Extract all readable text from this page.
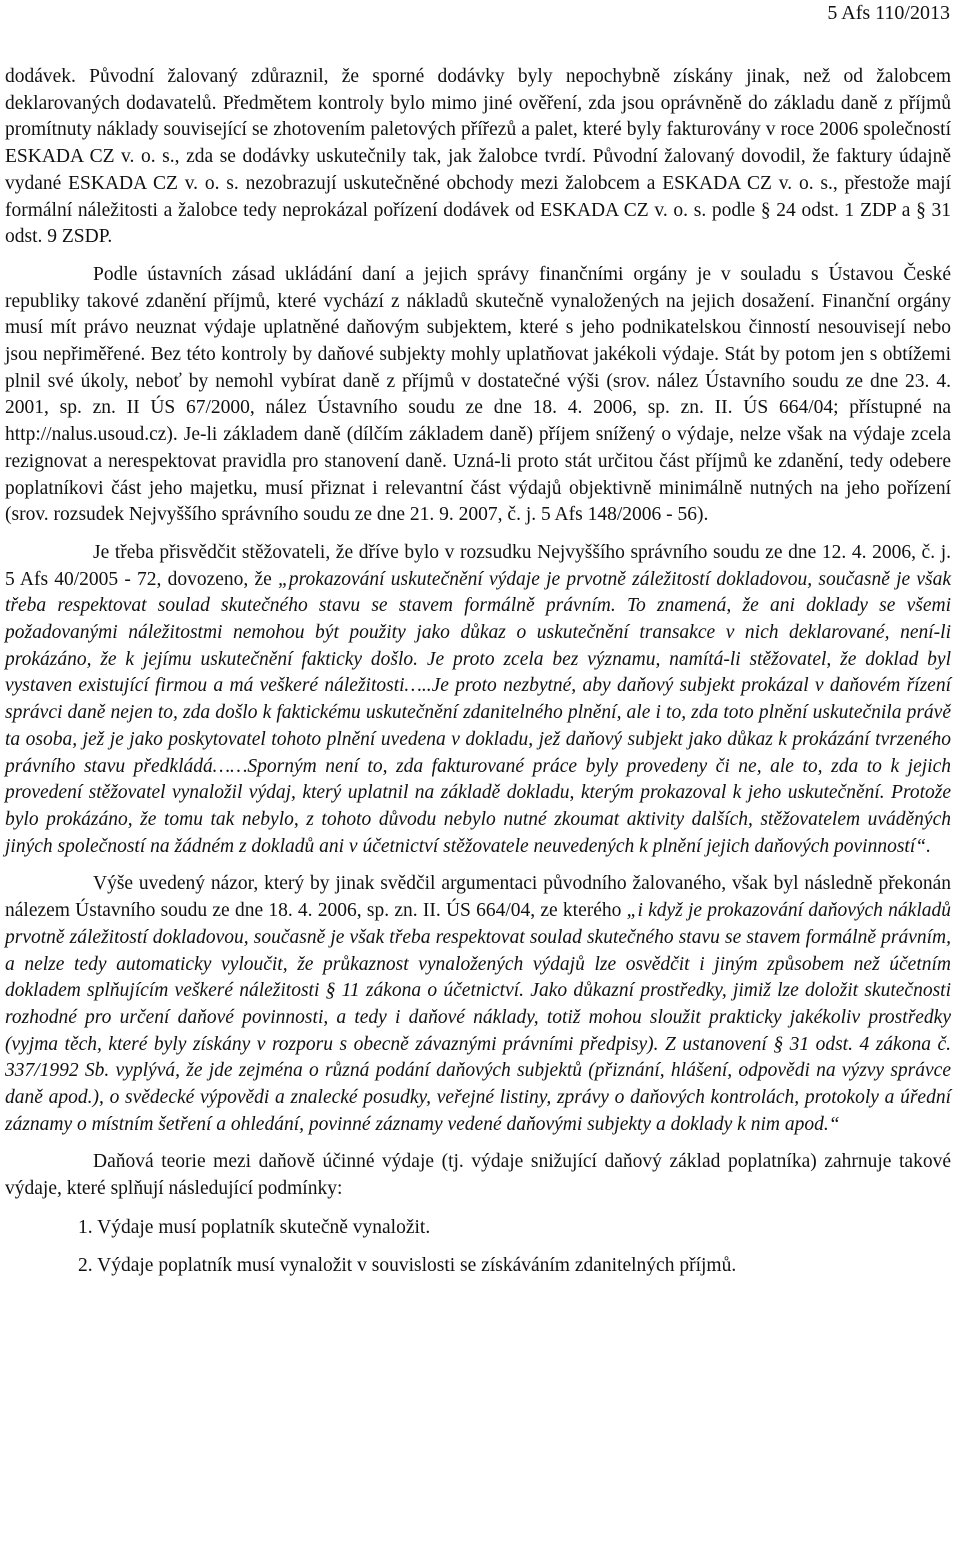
5 Afs 110/2013

dodávek. Původní žalovaný zdůraznil, že sporné dodávky byly nepochybně získány jinak, než od žalobcem deklarovaných dodavatelů. Předmětem kontroly bylo mimo jiné ověření, zda jsou oprávněně do základu daně z příjmů promítnuty náklady související se zhotovením paletových přířezů a palet, které byly fakturovány v roce 2006 společností ESKADA CZ v. o. s., zda se dodávky uskutečnily tak, jak žalobce tvrdí. Původní žalovaný dovodil, že faktury údajně vydané ESKADA CZ v. o. s. nezobrazují uskutečněné obchody mezi žalobcem a ESKADA CZ v. o. s., přestože mají formální náležitosti a žalobce tedy neprokázal pořízení dodávek od ESKADA CZ v. o. s. podle § 24 odst. 1 ZDP a § 31 odst. 9 ZSDP.

Podle ústavních zásad ukládání daní a jejich správy finančními orgány je v souladu s Ústavou České republiky takové zdanění příjmů, které vychází z nákladů skutečně vynaložených na jejich dosažení. Finanční orgány musí mít právo neuznat výdaje uplatněné daňovým subjektem, které s jeho podnikatelskou činností nesouvisejí nebo jsou nepřiměřené. Bez této kontroly by daňové subjekty mohly uplatňovat jakékoli výdaje. Stát by potom jen s obtížemi plnil své úkoly, neboť by nemohl vybírat daně z příjmů v dostatečné výši (srov. nález Ústavního soudu ze dne 23. 4. 2001, sp. zn. II ÚS 67/2000, nález Ústavního soudu ze dne 18. 4. 2006, sp. zn. II. ÚS 664/04; přístupné na http://nalus.usoud.cz). Je-li základem daně (dílčím základem daně) příjem snížený o výdaje, nelze však na výdaje zcela rezignovat a nerespektovat pravidla pro stanovení daně. Uzná-li proto stát určitou část příjmů ke zdanění, tedy odebere poplatníkovi část jeho majetku, musí přiznat i relevantní část výdajů objektivně minimálně nutných na jeho pořízení (srov. rozsudek Nejvyššího správního soudu ze dne 21. 9. 2007, č. j. 5 Afs 148/2006 - 56).

Je třeba přisvědčit stěžovateli, že dříve bylo v rozsudku Nejvyššího správního soudu ze dne 12. 4. 2006, č. j. 5 Afs 40/2005 - 72, dovozeno, že „prokazování uskutečnění výdaje je prvotně záležitostí dokladovou, současně je však třeba respektovat soulad skutečného stavu se stavem formálně právním. To znamená, že ani doklady se všemi požadovanými náležitostmi nemohou být použity jako důkaz o uskutečnění transakce v nich deklarované, není-li prokázáno, že k jejímu uskutečnění fakticky došlo. Je proto zcela bez významu, namítá-li stěžovatel, že doklad byl vystaven existující firmou a má veškeré náležitosti…..Je proto nezbytné, aby daňový subjekt prokázal v daňovém řízení správci daně nejen to, zda došlo k faktickému uskutečnění zdanitelného plnění, ale i to, zda toto plnění uskutečnila právě ta osoba, jež je jako poskytovatel tohoto plnění uvedena v dokladu, jež daňový subjekt jako důkaz k prokázání tvrzeného právního stavu předkládá……Sporným není to, zda fakturované práce byly provedeny či ne, ale to, zda to k jejich provedení stěžovatel vynaložil výdaj, který uplatnil na základě dokladu, kterým prokazoval k jeho uskutečnění. Protože bylo prokázáno, že tomu tak nebylo, z tohoto důvodu nebylo nutné zkoumat aktivity dalších, stěžovatelem uváděných jiných společností na žádném z dokladů ani v účetnictví stěžovatele neuvedených k plnění jejich daňových povinností“.

Výše uvedený názor, který by jinak svědčil argumentaci původního žalovaného, však byl následně překonán nálezem Ústavního soudu ze dne 18. 4. 2006, sp. zn. II. ÚS 664/04, ze kterého „i když je prokazování daňových nákladů prvotně záležitostí dokladovou, současně je však třeba respektovat soulad skutečného stavu se stavem formálně právním, a nelze tedy automaticky vyloučit, že průkaznost vynaložených výdajů lze osvědčit i jiným způsobem než účetním dokladem splňujícím veškeré náležitosti § 11 zákona o účetnictví. Jako důkazní prostředky, jimiž lze doložit skutečnosti rozhodné pro určení daňové povinnosti, a tedy i daňové náklady, totiž mohou sloužit prakticky jakékoliv prostředky (vyjma těch, které byly získány v rozporu s obecně závaznými právními předpisy). Z ustanovení § 31 odst. 4 zákona č. 337/1992 Sb. vyplývá, že jde zejména o různá podání daňových subjektů (přiznání, hlášení, odpovědi na výzvy správce daně apod.), o svědecké výpovědi a znalecké posudky, veřejné listiny, zprávy o daňových kontrolách, protokoly a úřední záznamy o místním šetření a ohledání, povinné záznamy vedené daňovými subjekty a doklady k nim apod.“

Daňová teorie mezi daňově účinné výdaje (tj. výdaje snižující daňový základ poplatníka) zahrnuje takové výdaje, které splňují následující podmínky:

1. Výdaje musí poplatník skutečně vynaložit.

2. Výdaje poplatník musí vynaložit v souvislosti se získáváním zdanitelných příjmů.
